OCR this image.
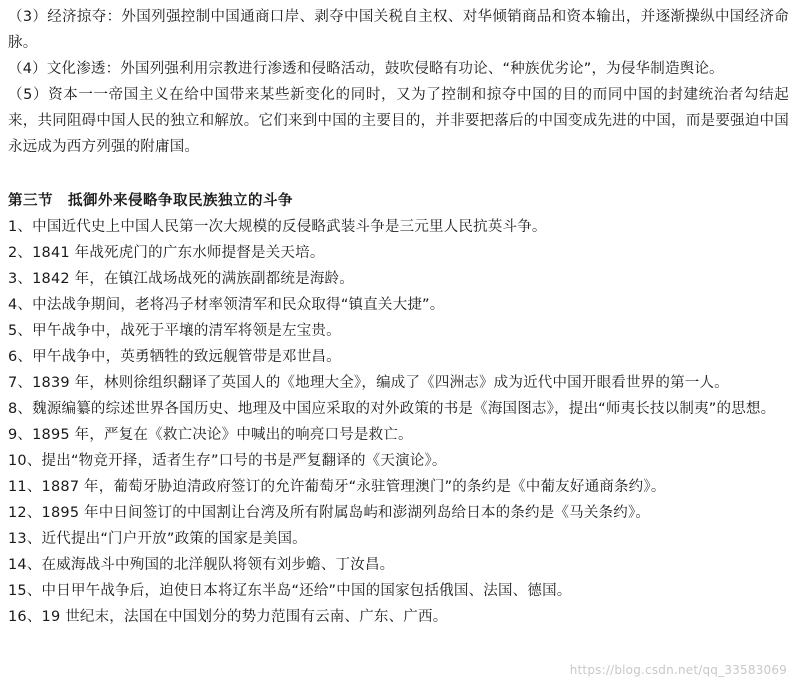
（3）经济掠夺：外国列强控制中国通商口岸、剥夺中国关税自主权、对华倾销商品和资本输出，并逐渐操纵中国经济命脉。

（4）文化渗透：外国列强利用宗教进行渗透和侵略活动，鼓吹侵略有功论、“种族优劣论”，为侵华制造舆论。

（5）资本一一帝国主义在给中国带来某些新变化的同时，又为了控制和掠夺中国的目的而同中国的封建统治者勾结起来，共同阻碍中国人民的独立和解放。它们来到中国的主要目的，并非要把落后的中国变成先进的中国，而是要强迫中国永远成为西方列强的附庸国。

第三节　抵御外来侵略争取民族独立的斗争

1、中国近代史上中国人民第一次大规模的反侵略武装斗争是三元里人民抗英斗争。

2、1841 年战死虎门的广东水师提督是关天培。

3、1842 年，在镇江战场战死的满族副都统是海龄。

4、中法战争期间，老将冯子材率领清军和民众取得“镇直关大捷”。

5、甲午战争中，战死于平壤的清军将领是左宝贵。

6、甲午战争中，英勇牺牲的致远舰管带是邓世昌。

7、1839 年，林则徐组织翻译了英国人的《地理大全》，编成了《四洲志》成为近代中国开眼看世界的第一人。

8、魏源编纂的综述世界各国历史、地理及中国应采取的对外政策的书是《海国图志》，提出“师夷长技以制夷”的思想。

9、1895 年，严复在《救亡决论》中喊出的响亮口号是救亡。

10、提出“物竞开择，适者生存”口号的书是严复翻译的《天演论》。

11、1887 年，葡萄牙胁迫清政府签订的允许葡萄牙“永驻管理澳门”的条约是《中葡友好通商条约》。

12、1895 年中日间签订的中国割让台湾及所有附属岛屿和澎湖列岛给日本的条约是《马关条约》。

13、近代提出“门户开放”政策的国家是美国。

14、在威海战斗中殉国的北洋舰队将领有刘步蟾、丁汝昌。

15、中日甲午战争后，迫使日本将辽东半岛“还给”中国的国家包括俄国、法国、德国。

16、19 世纪末，法国在中国划分的势力范围有云南、广东、广西。

https://blog.csdn.net/qq_33583069
